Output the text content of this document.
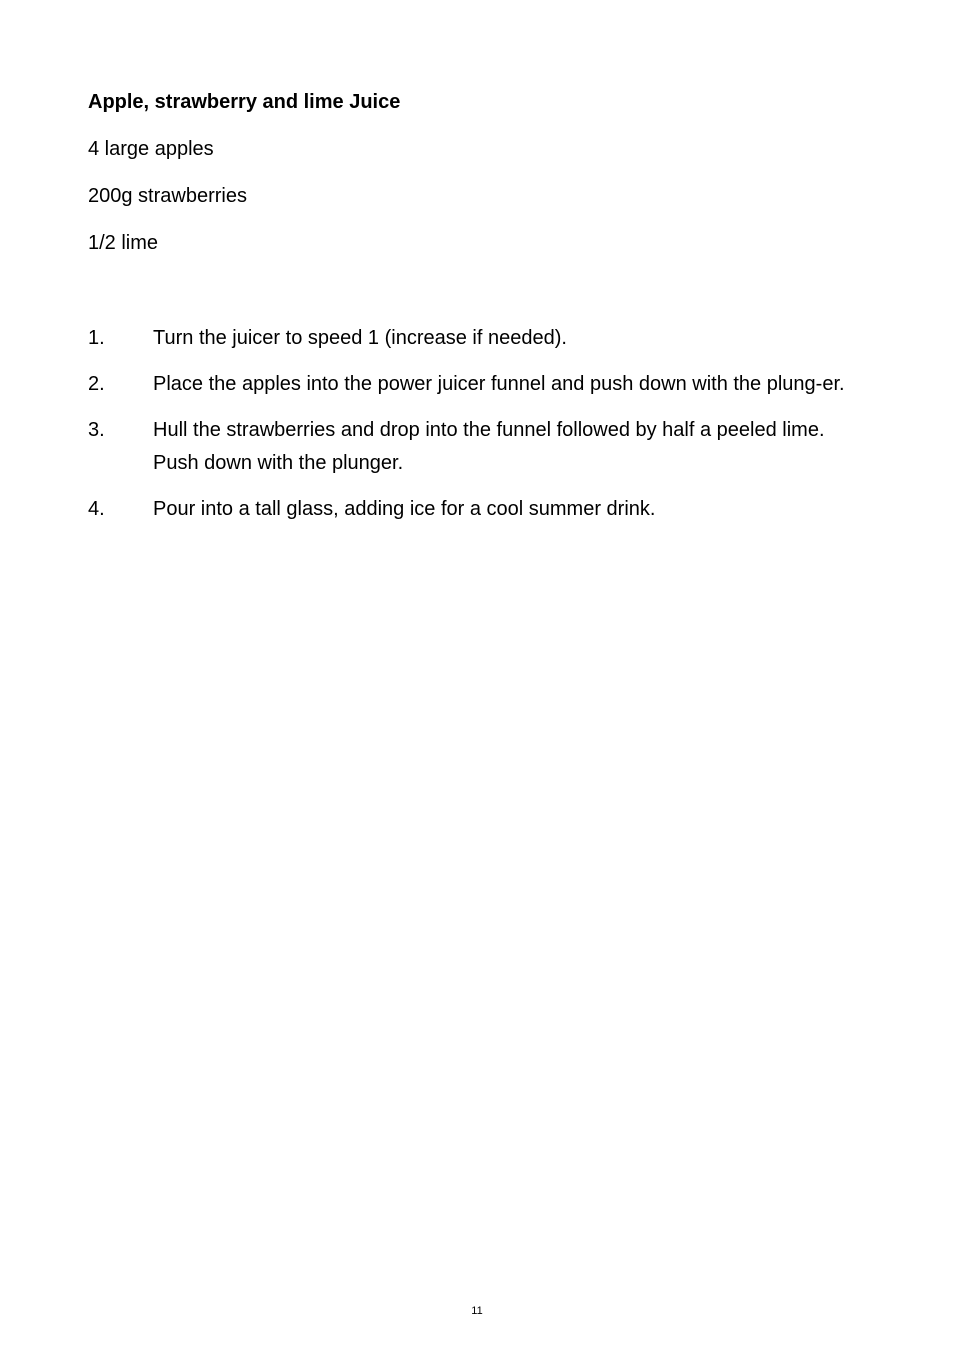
Apple, strawberry and lime Juice

4 large apples

200g strawberries

1/2 lime

1.	Turn the juicer to speed 1 (increase if needed).
2.	Place the apples into the power juicer funnel and push down with the plung-er.
3.	Hull the strawberries and drop into the funnel followed by half a peeled lime. Push down with the plunger.
4.	Pour into a tall glass, adding ice for a cool summer drink.
11
